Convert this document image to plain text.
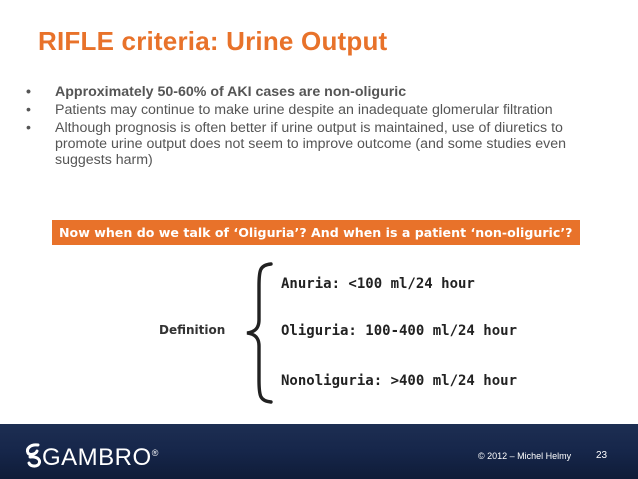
RIFLE criteria: Urine Output
• Approximately 50-60% of AKI cases are non-oliguric
• Patients may continue to make urine despite an inadequate glomerular filtration
• Although prognosis is often better if urine output is maintained, use of diuretics to promote urine output does not seem to improve outcome (and some studies even suggests harm)
Now when do we talk of ‘Oliguria’? And when is a patient ‘non-oliguric’?
Definition
Anuria: <100 ml/24 hour
Oliguria: 100-400 ml/24 hour
Nonoliguria: >400 ml/24 hour
GAMBRO®	© 2012 – Michel Helmy 23
